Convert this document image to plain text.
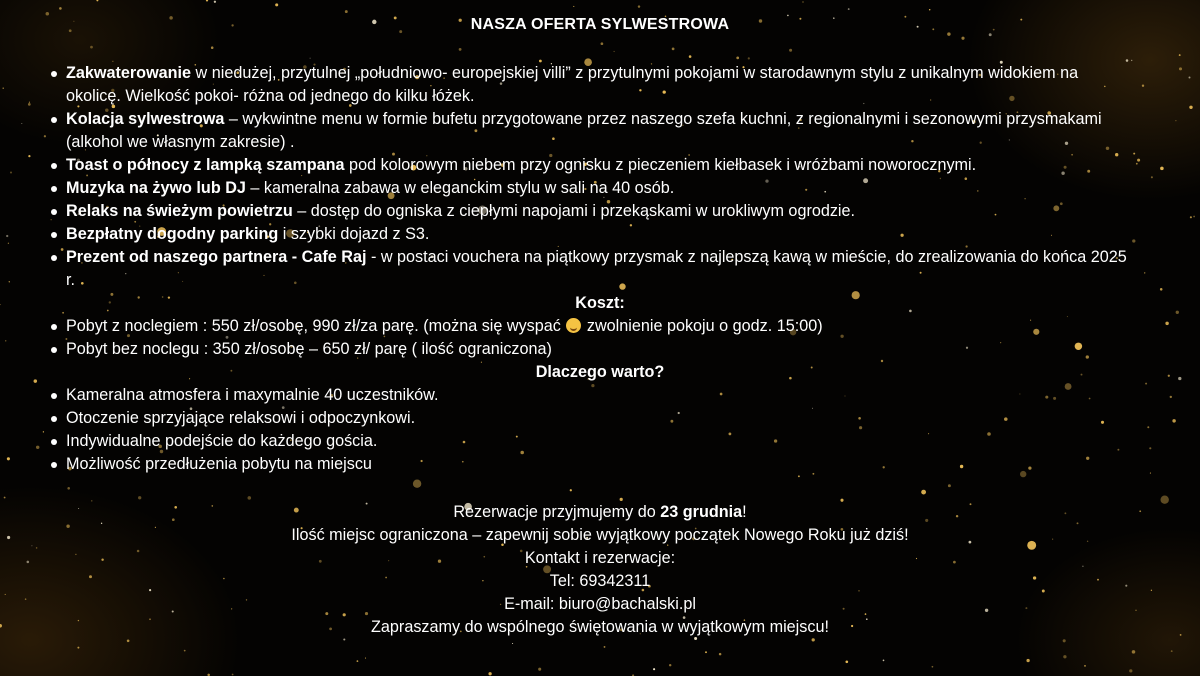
NASZA OFERTA SYLWESTROWA
Zakwaterowanie w niedużej, przytulnej „południowo- europejskiej villi” z przytulnymi pokojami w starodawnym stylu z unikalnym widokiem na okolicę. Wielkość pokoi- różna od jednego do kilku łóżek.
Kolacja sylwestrowa – wykwintne menu w formie bufetu przygotowane przez naszego szefa kuchni, z regionalnymi i sezonowymi przysmakami (alkohol we własnym zakresie) .
Toast o północy z lampką szampana pod kolorowym niebem przy ognisku z pieczeniem kiełbasek i wróżbami noworocznymi.
Muzyka na żywo lub DJ – kameralna zabawa w eleganckim stylu w sali na 40 osób.
Relaks na świeżym powietrzu – dostęp do ogniska z ciepłymi napojami i przekąskami w urokliwym ogrodzie.
Bezpłatny dogodny parking i szybki dojazd z S3.
Prezent od naszego partnera - Cafe Raj - w postaci vouchera na piątkowy przysmak z najlepszą kawą w mieście, do zrealizowania do końca 2025 r.
Koszt:
Pobyt z noclegiem : 550 zł/osobę, 990 zł/za parę. (można się wyspać  zwolnienie pokoju o godz. 15:00)
Pobyt bez noclegu : 350 zł/osobę – 650 zł/ parę ( ilość ograniczona)
Dlaczego warto?
Kameralna atmosfera i maxymalnie 40 uczestników.
Otoczenie sprzyjające relaksowi i odpoczynkowi.
Indywidualne podejście do każdego gościa.
Możliwość przedłużenia pobytu na miejscu
Rezerwacje przyjmujemy do 23 grudnia!
Ilość miejsc ograniczona – zapewnij sobie wyjątkowy początek Nowego Roku już dziś!
Kontakt i rezerwacje:
Tel: 69342311
E-mail: biuro@bachalski.pl
Zapraszamy do wspólnego świętowania w wyjątkowym miejscu!
